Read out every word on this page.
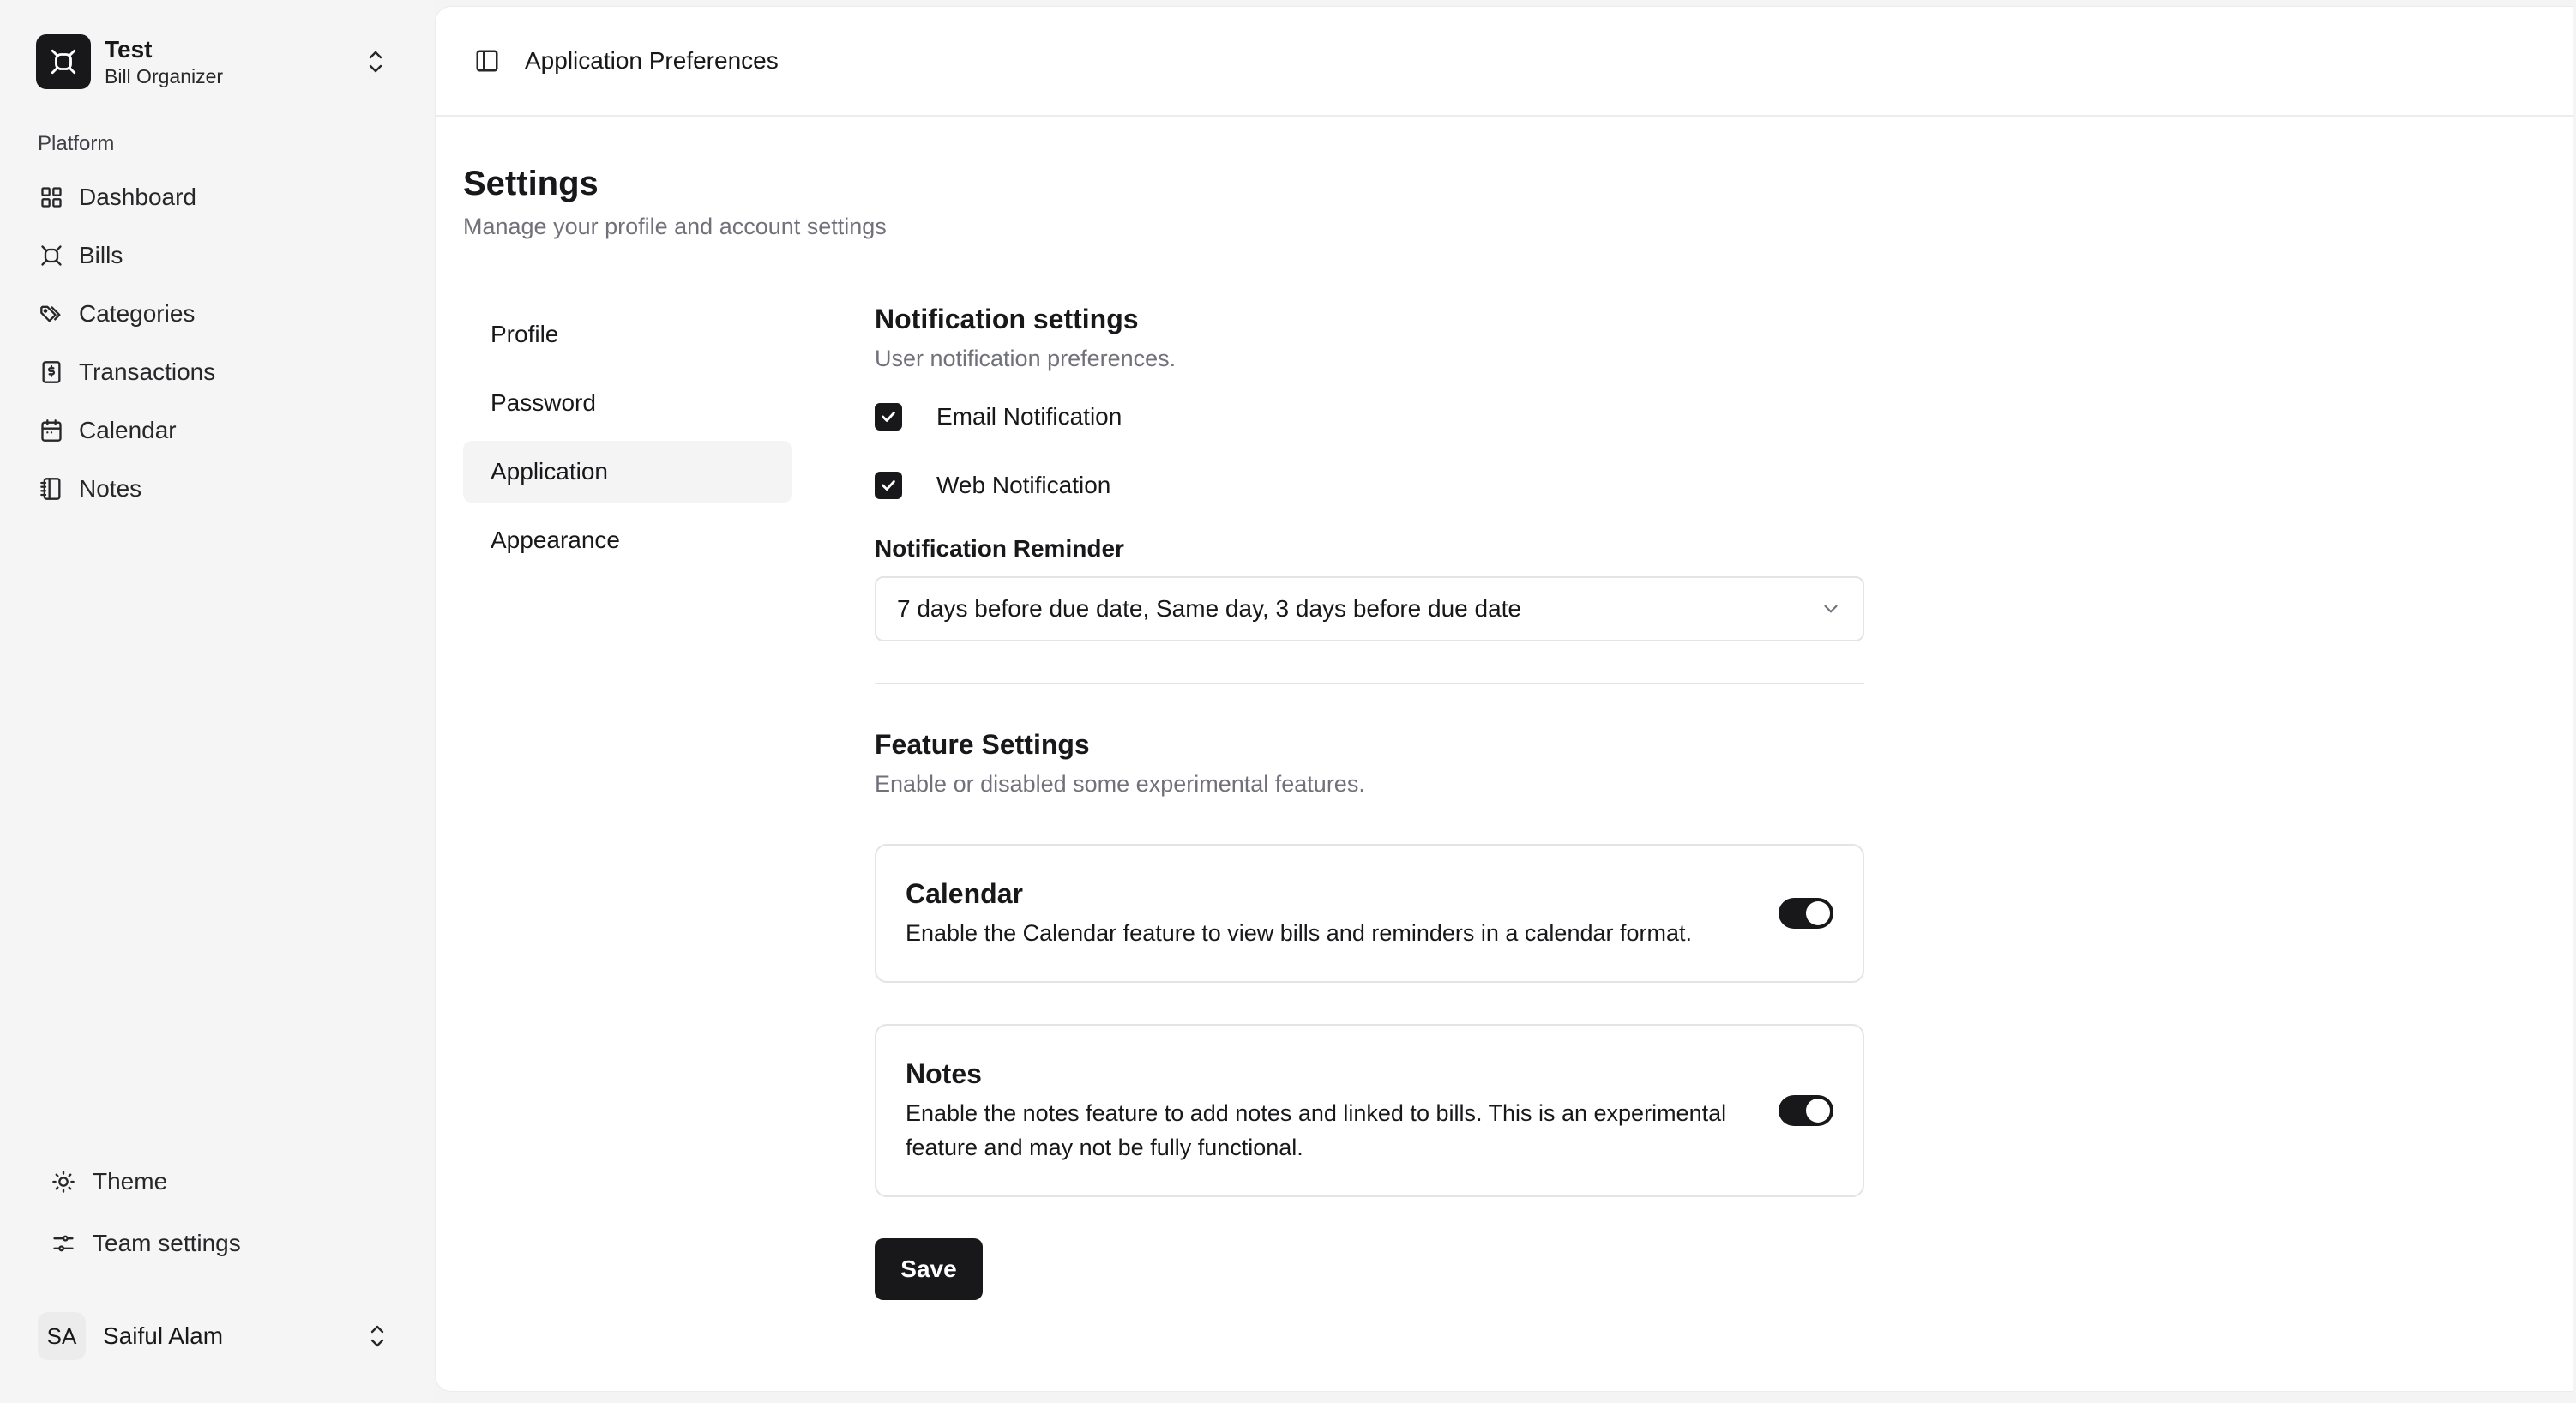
Test
Bill Organizer
Platform
Dashboard
Bills
Categories
Transactions
Calendar
Notes
Theme
Team settings
SA	Saiful Alam
Application Preferences
Settings

Manage your profile and account settings

Profile
Password
Application
Appearance
Notification settings
User notification preferences.
Email Notification
Web Notification
Notification Reminder
7 days before due date, Same day, 3 days before due date
Feature Settings
Enable or disabled some experimental features.
Calendar
Enable the Calendar feature to view bills and reminders in a calendar format.
Notes
Enable the notes feature to add notes and linked to bills. This is an experimental feature and may not be fully functional.
Save
